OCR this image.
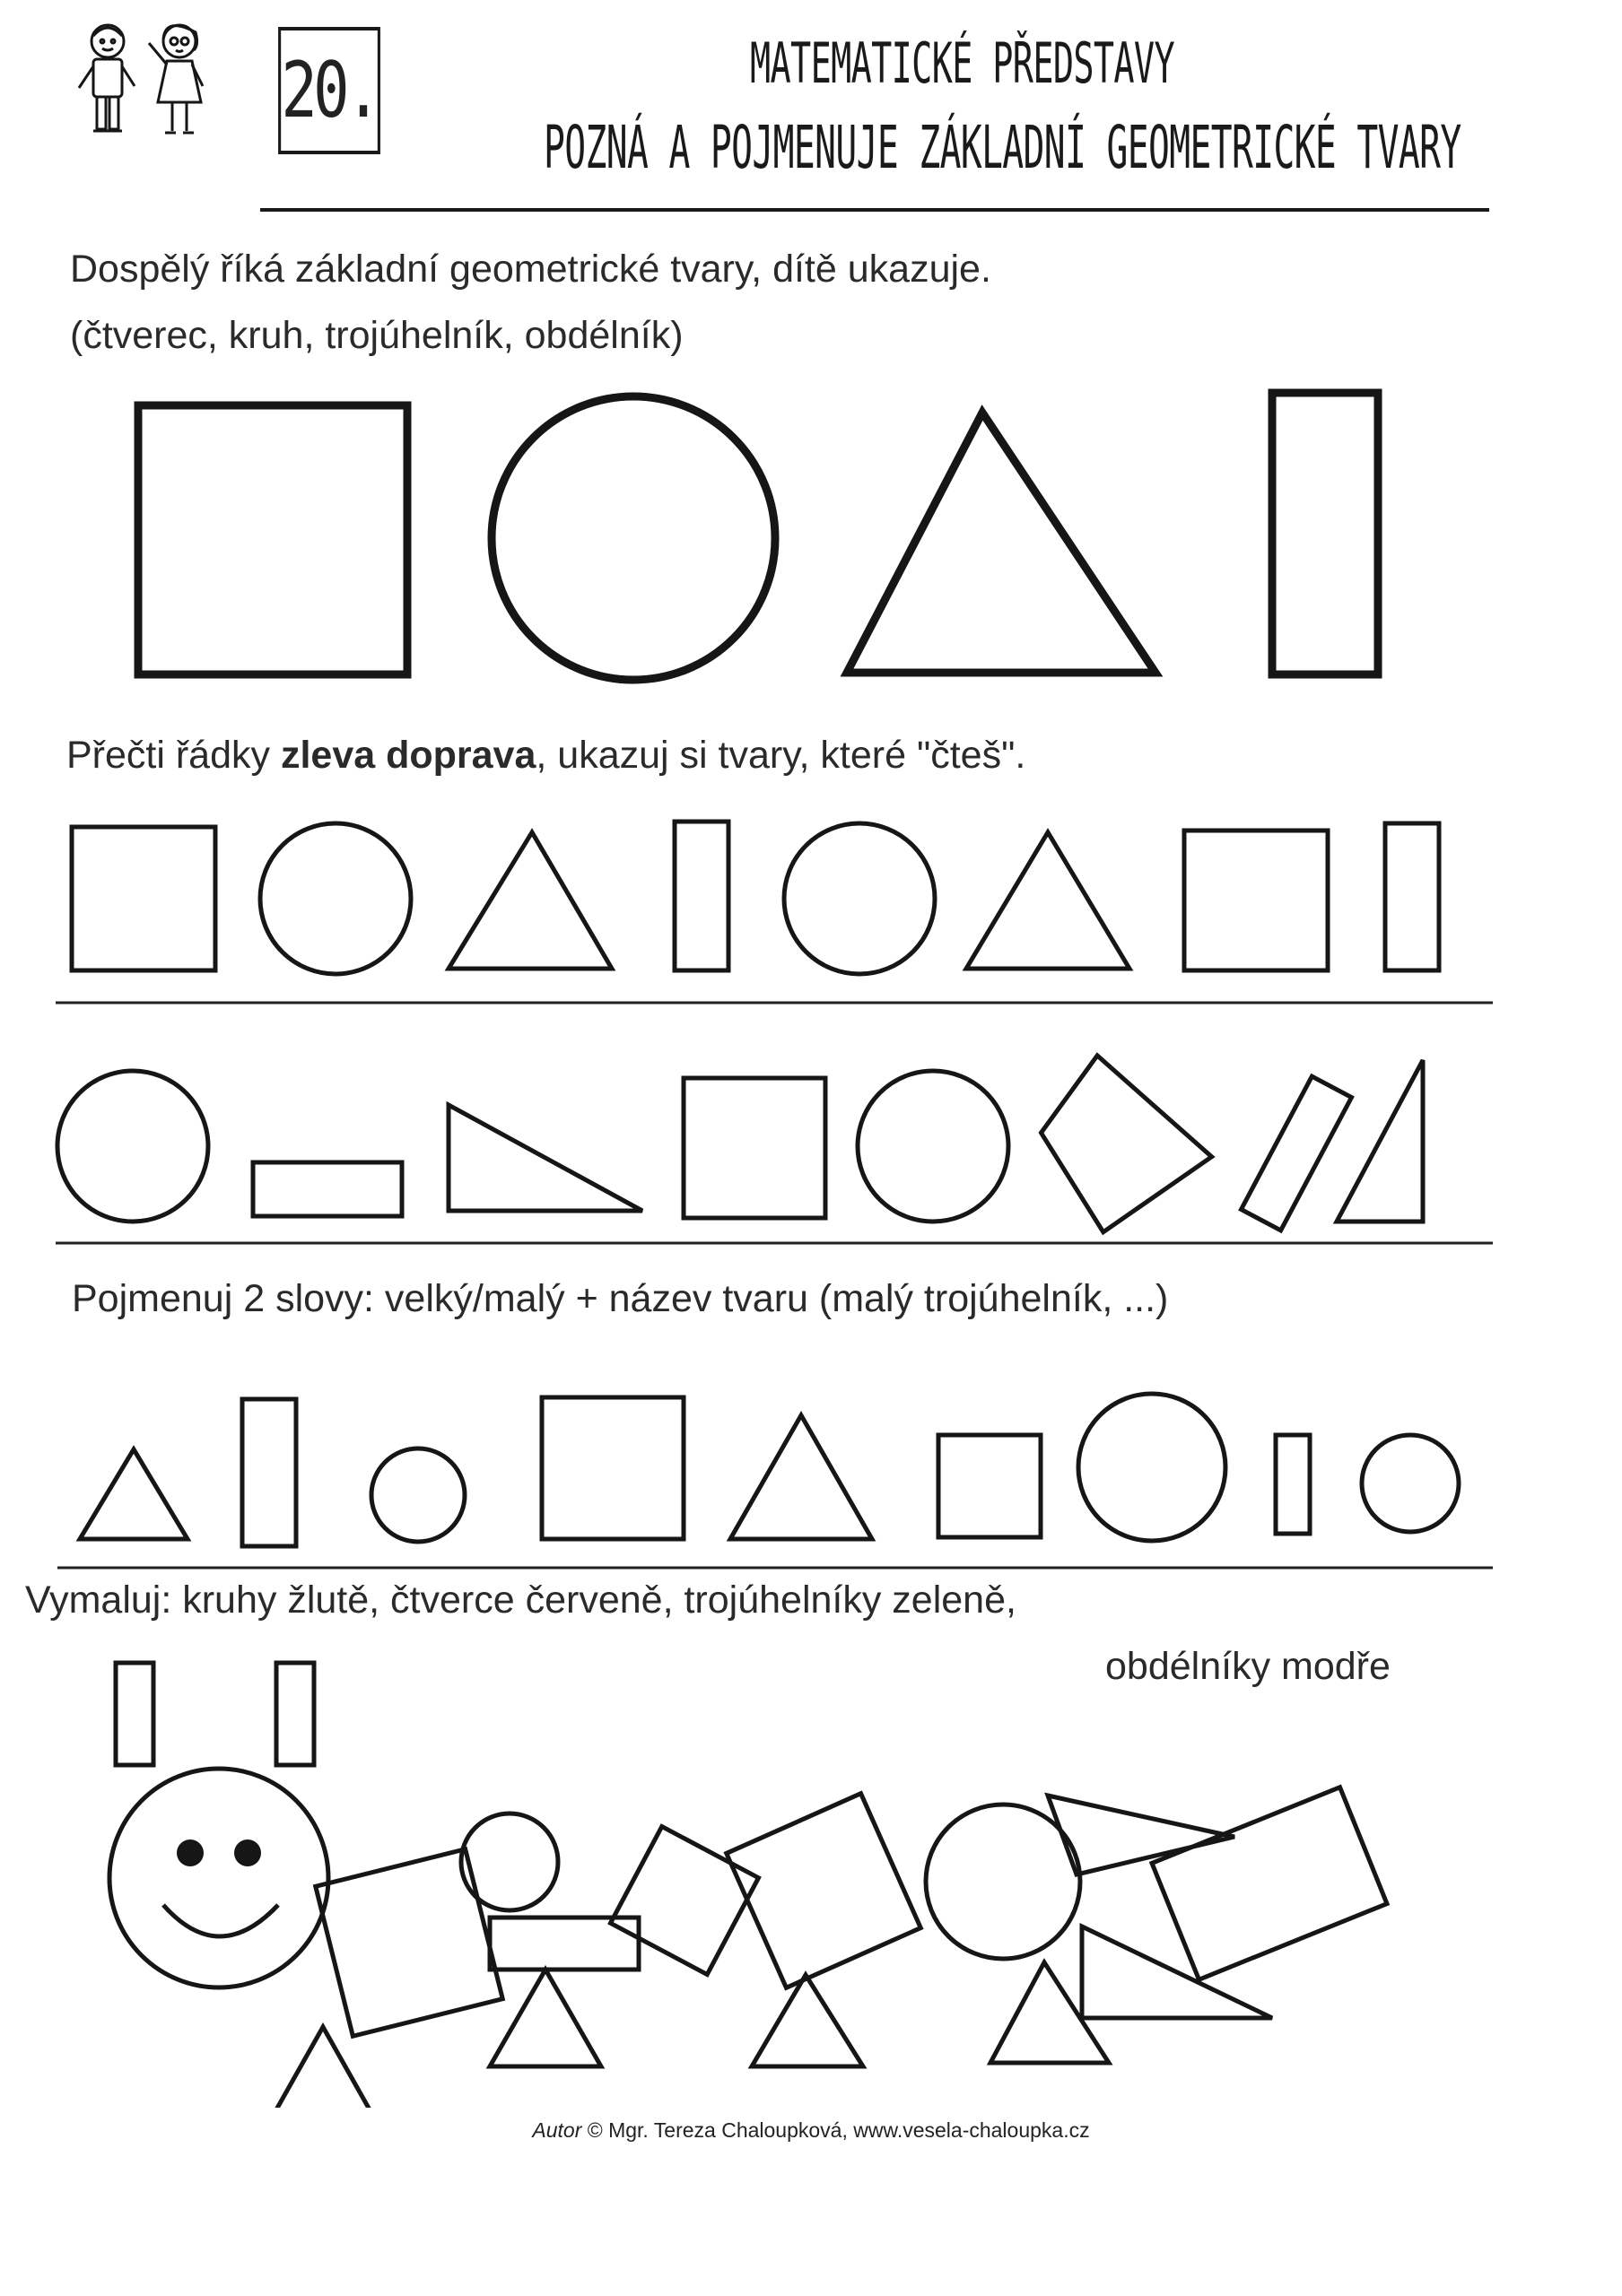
20.	MATEMATICKÉ PŘEDSTAVY
POZNÁ A POJMENUJE ZÁKLADNÍ GEOMETRICKÉ TVARY
Dospělý říká základní geometrické tvary, dítě ukazuje.
(čtverec, kruh, trojúhelník, obdélník)
Přečti řádky zleva doprava, ukazuj si tvary, které "čteš".
Pojmenuj 2 slovy: velký/malý + název tvaru (malý trojúhelník, ...)
Vymaluj: kruhy žlutě, čtverce červeně, trojúhelníky zeleně,
obdélníky modře
Autor © Mgr. Tereza Chaloupková, www.vesela-chaloupka.cz
